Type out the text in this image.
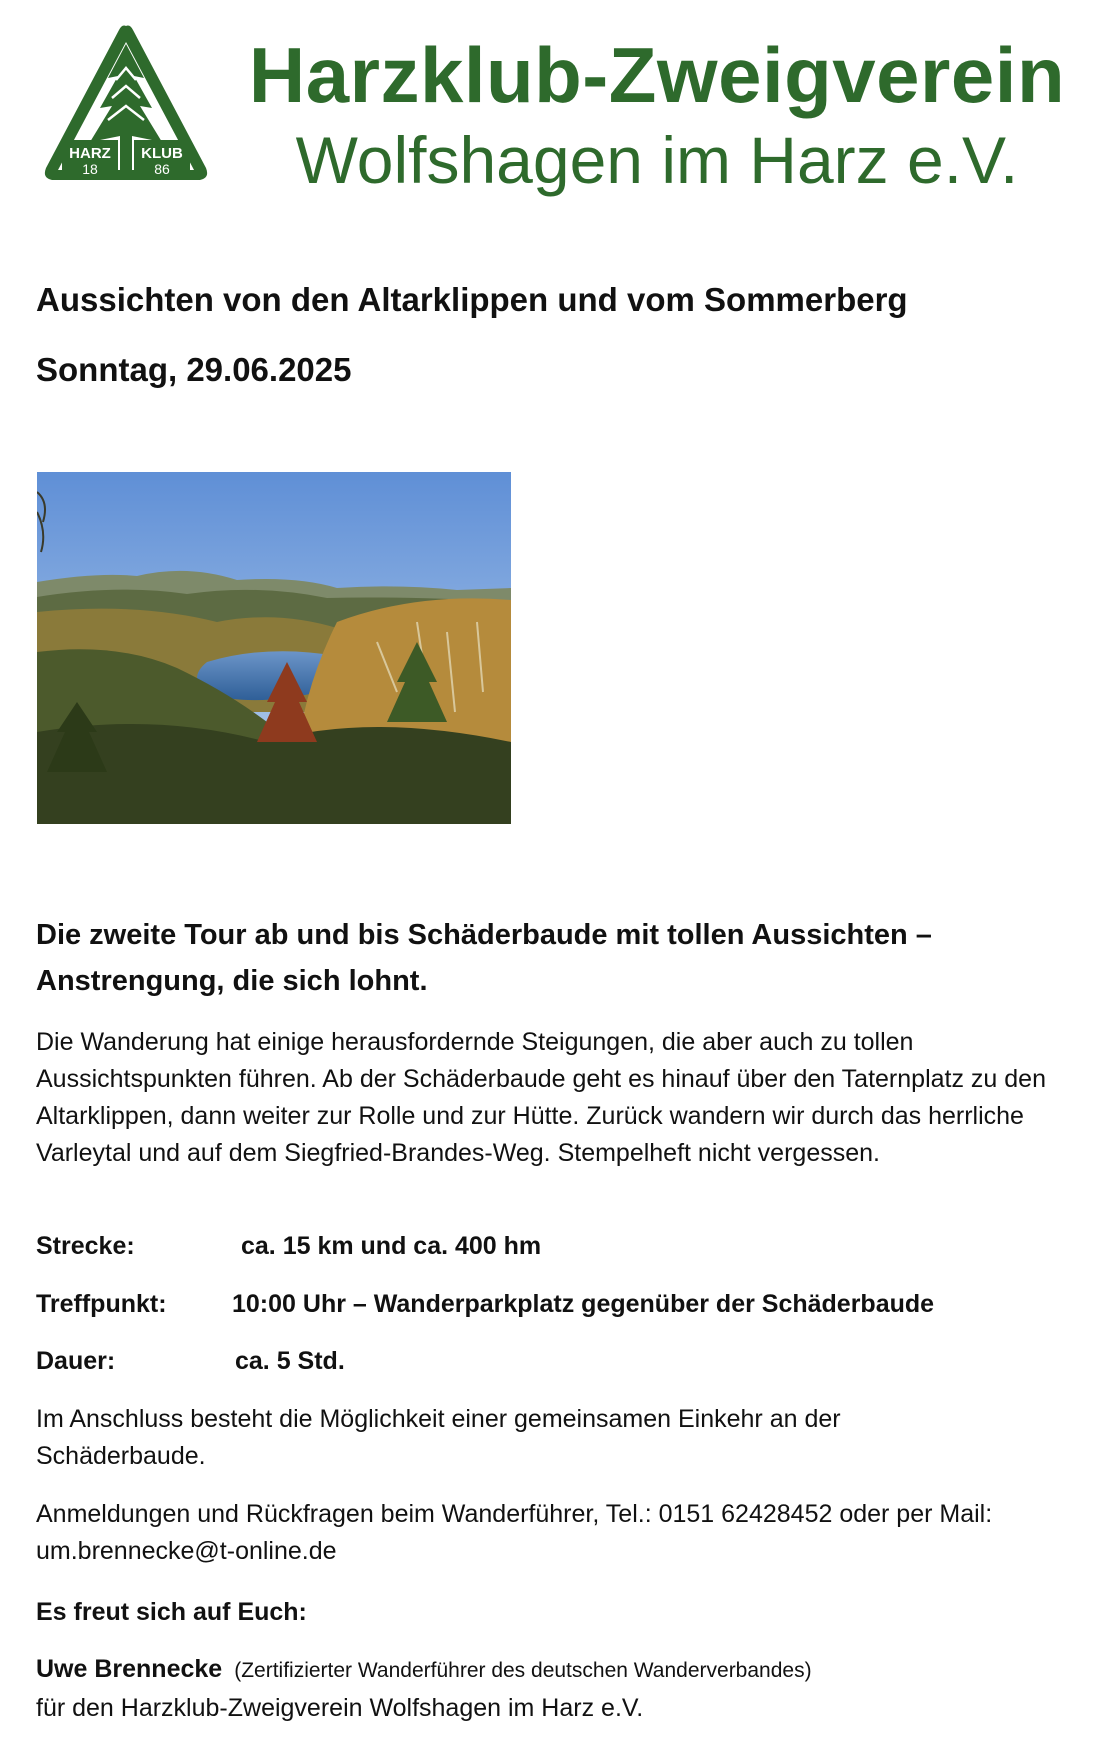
HARZ KLUB
18	86
Harzklub-Zweigverein
Wolfshagen im Harz e.V.
Aussichten von den Altarklippen und vom Sommerberg
Sonntag, 29.06.2025
Die zweite Tour ab und bis Schäderbaude mit tollen Aussichten – Anstrengung, die sich lohnt.

Die Wanderung hat einige herausfordernde Steigungen, die aber auch zu tollen Aussichtspunkten führen. Ab der Schäderbaude geht es hinauf über den Taternplatz zu den Altarklippen, dann weiter zur Rolle und zur Hütte. Zurück wandern wir durch das herrliche Varleytal und auf dem Siegfried-Brandes-Weg. Stempelheft nicht vergessen.

Strecke:	ca. 15 km und ca. 400 hm
Treffpunkt:	10:00 Uhr – Wanderparkplatz gegenüber der Schäderbaude
Dauer:	ca. 5 Std.

Im Anschluss besteht die Möglichkeit einer gemeinsamen Einkehr an der Schäderbaude.

Anmeldungen und Rückfragen beim Wanderführer, Tel.: 0151 62428452 oder per Mail: um.brennecke@t-online.de

Es freut sich auf Euch:
Uwe Brennecke (Zertifizierter Wanderführer des deutschen Wanderverbandes)
für den Harzklub-Zweigverein Wolfshagen im Harz e.V.
